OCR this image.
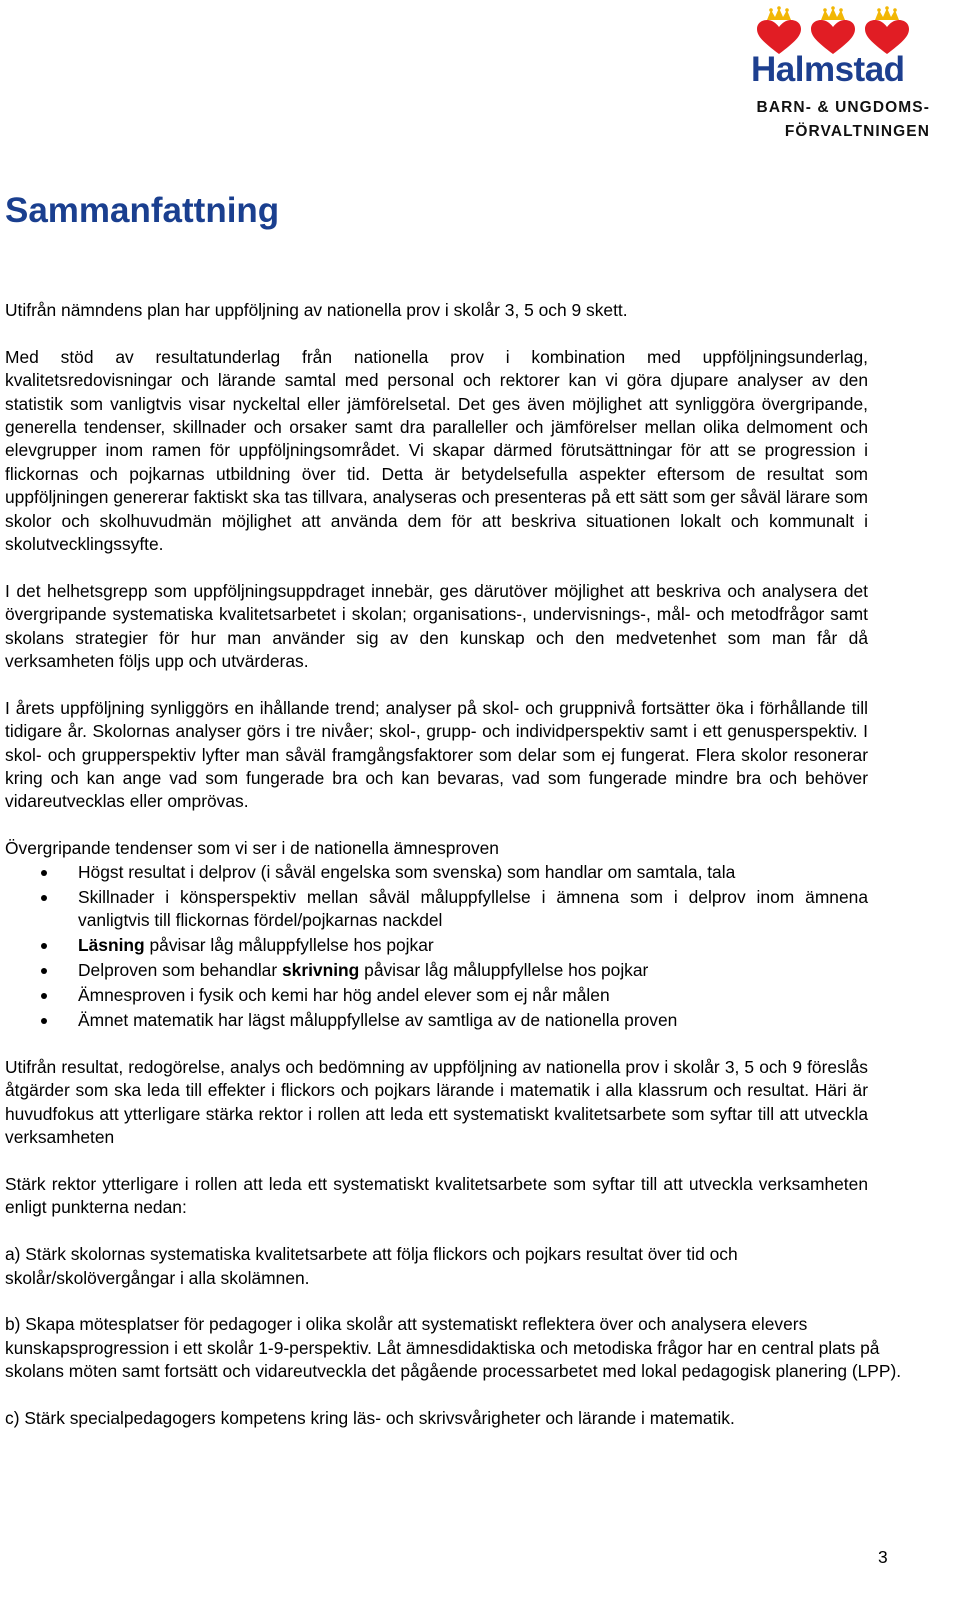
Halmstad
BARN- & UNGDOMS-
FÖRVALTNINGEN
Sammanfattning

Utifrån nämndens plan har uppföljning av nationella prov i skolår 3, 5 och 9 skett.

Med stöd av resultatunderlag från nationella prov i kombination med uppföljningsunderlag, kvalitetsredovisningar och lärande samtal med personal och rektorer kan vi göra djupare analyser av den statistik som vanligtvis visar nyckeltal eller jämförelsetal. Det ges även möjlighet att synliggöra övergripande, generella tendenser, skillnader och orsaker samt dra paralleller och jämförelser mellan olika delmoment och elevgrupper inom ramen för uppföljningsområdet. Vi skapar därmed förutsättningar för att se progression i flickornas och pojkarnas utbildning över tid. Detta är betydelsefulla aspekter eftersom de resultat som uppföljningen genererar faktiskt ska tas tillvara, analyseras och presenteras på ett sätt som ger såväl lärare som skolor och skolhuvudmän möjlighet att använda dem för att beskriva situationen lokalt och kommunalt i skolutvecklingssyfte.

I det helhetsgrepp som uppföljningsuppdraget innebär, ges därutöver möjlighet att beskriva och analysera det övergripande systematiska kvalitetsarbetet i skolan; organisations-, undervisnings-, mål- och metodfrågor samt skolans strategier för hur man använder sig av den kunskap och den medvetenhet som man får då verksamheten följs upp och utvärderas.

I årets uppföljning synliggörs en ihållande trend; analyser på skol- och gruppnivå fortsätter öka i förhållande till tidigare år. Skolornas analyser görs i tre nivåer; skol-, grupp- och individperspektiv samt i ett genusperspektiv. I skol- och grupperspektiv lyfter man såväl framgångsfaktorer som delar som ej fungerat. Flera skolor resonerar kring och kan ange vad som fungerade bra och kan bevaras, vad som fungerade mindre bra och behöver vidareutvecklas eller omprövas.

Övergripande tendenser som vi ser i de nationella ämnesproven

Högst resultat i delprov (i såväl engelska som svenska) som handlar om samtala, tala
Skillnader i könsperspektiv mellan såväl måluppfyllelse i ämnena som i delprov inom ämnena vanligtvis till flickornas fördel/pojkarnas nackdel
Läsning påvisar låg måluppfyllelse hos pojkar
Delproven som behandlar skrivning påvisar låg måluppfyllelse hos pojkar
Ämnesproven i fysik och kemi har hög andel elever som ej når målen
Ämnet matematik har lägst måluppfyllelse av samtliga av de nationella proven

Utifrån resultat, redogörelse, analys och bedömning av uppföljning av nationella prov i skolår 3, 5 och 9 föreslås åtgärder som ska leda till effekter i flickors och pojkars lärande i matematik i alla klassrum och resultat. Häri är huvudfokus att ytterligare stärka rektor i rollen att leda ett systematiskt kvalitetsarbete som syftar till att utveckla verksamheten

Stärk rektor ytterligare i rollen att leda ett systematiskt kvalitetsarbete som syftar till att utveckla verksamheten enligt punkterna nedan:

a) Stärk skolornas systematiska kvalitetsarbete att följa flickors och pojkars resultat över tid och skolår/skolövergångar i alla skolämnen.

b) Skapa mötesplatser för pedagoger i olika skolår att systematiskt reflektera över och analysera elevers kunskapsprogression i ett skolår 1-9-perspektiv. Låt ämnesdidaktiska och metodiska frågor har en central plats på skolans möten samt fortsätt och vidareutveckla det pågående processarbetet med lokal pedagogisk planering (LPP).

c) Stärk specialpedagogers kompetens kring läs- och skrivsvårigheter och lärande i matematik.

3
